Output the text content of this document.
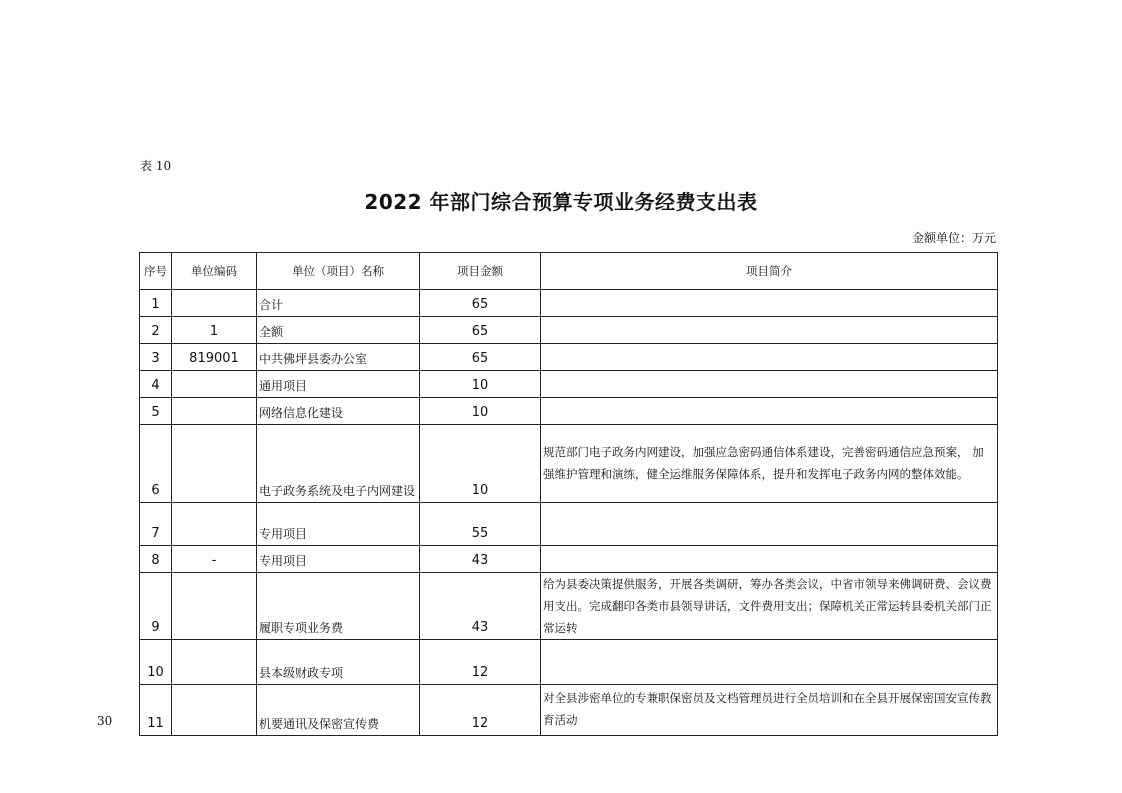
表 10
2022 年部门综合预算专项业务经费支出表
金额单位：万元
序号	单位编码	单位（项目）名称	项目金额	项目简介
1		合计	65	
2	1	全额	65	
3	819001	中共佛坪县委办公室	65	
4		通用项目	10	
5		网络信息化建设	10	
6		电子政务系统及电子内网建设	10	规范部门电子政务内网建设，加强应急密码通信体系建设，完善密码通信应急预案， 加强维护管理和演练，健全运维服务保障体系，提升和发挥电子政务内网的整体效能。
7		专用项目	55	
8	-	专用项目	43	
9		履职专项业务费	43	给为县委决策提供服务，开展各类调研，筹办各类会议，中省市领导来佛调研费、会议费用支出。完成翻印各类市县领导讲话，文件费用支出；保障机关正常运转县委机关部门正常运转
10		县本级财政专项	12	
11		机要通讯及保密宣传费	12	对全县涉密单位的专兼职保密员及文档管理员进行全员培训和在全县开展保密国安宣传教育活动
30
